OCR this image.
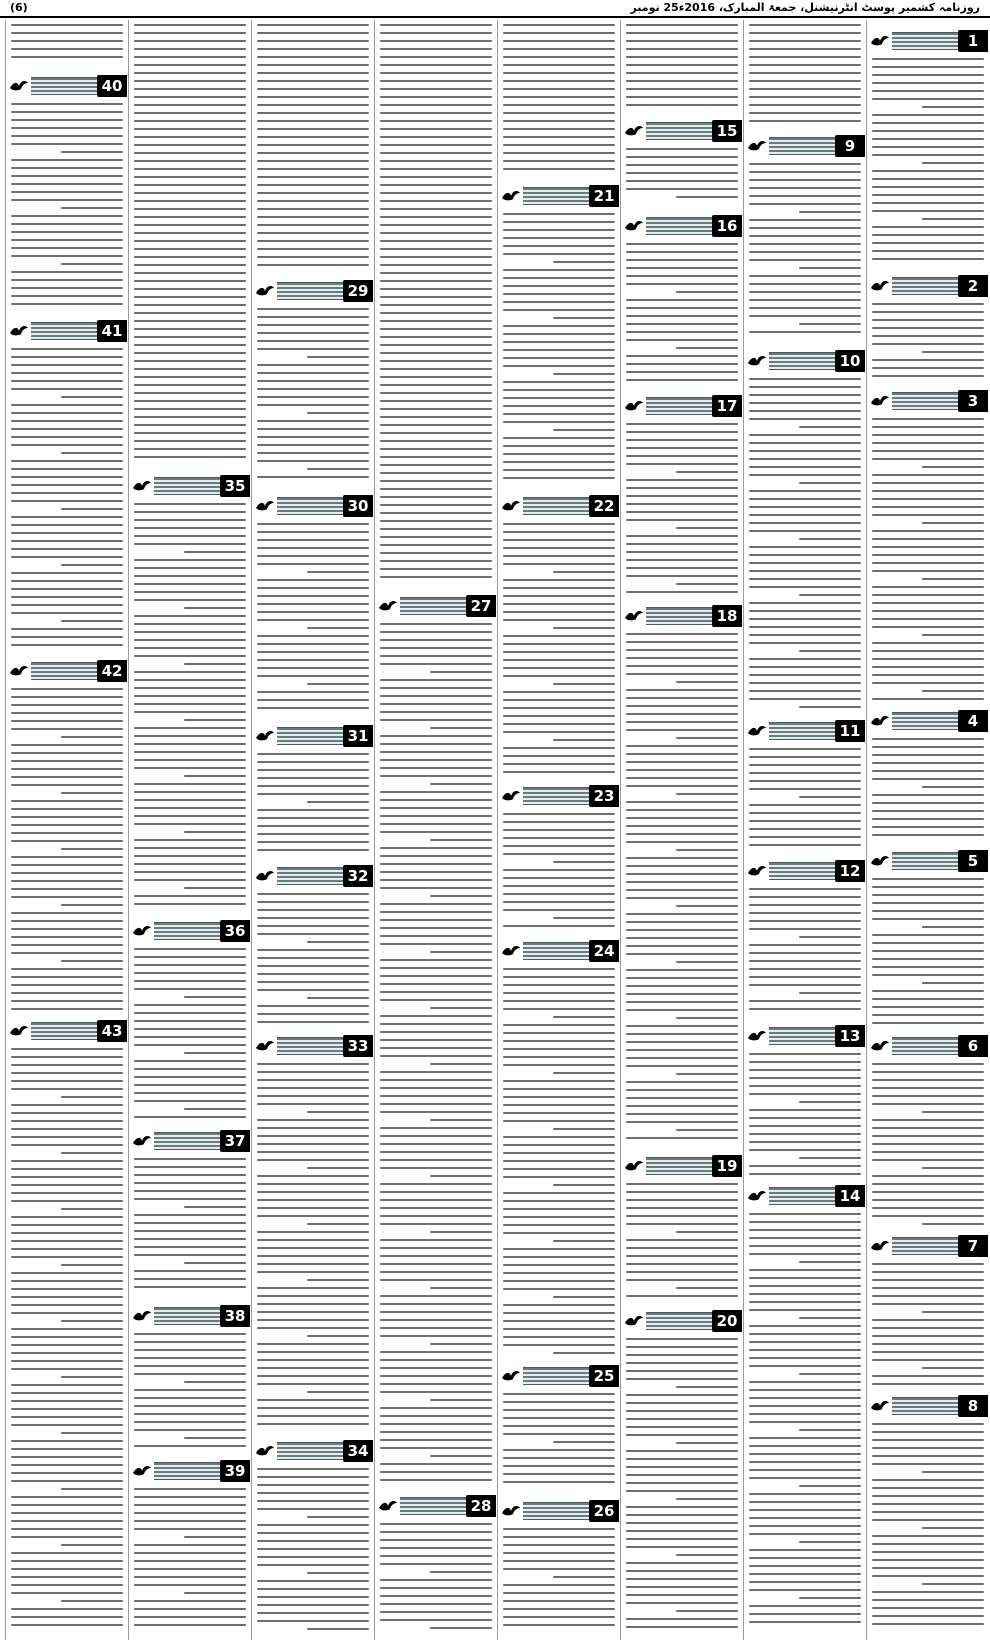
(6)	روزنامہ کشمیر پوسٹ انٹرنیشنل، جمعۃ المبارک، 2016ء25 نومبر
1
2
3
4
5
6
7
8
9
10
11
12
13
14
15
16
17
18
19
20
21
22
23
24
25
26
27
28
29
30
31
32
33
34
35
36
37
38
39
40
41
42
43
